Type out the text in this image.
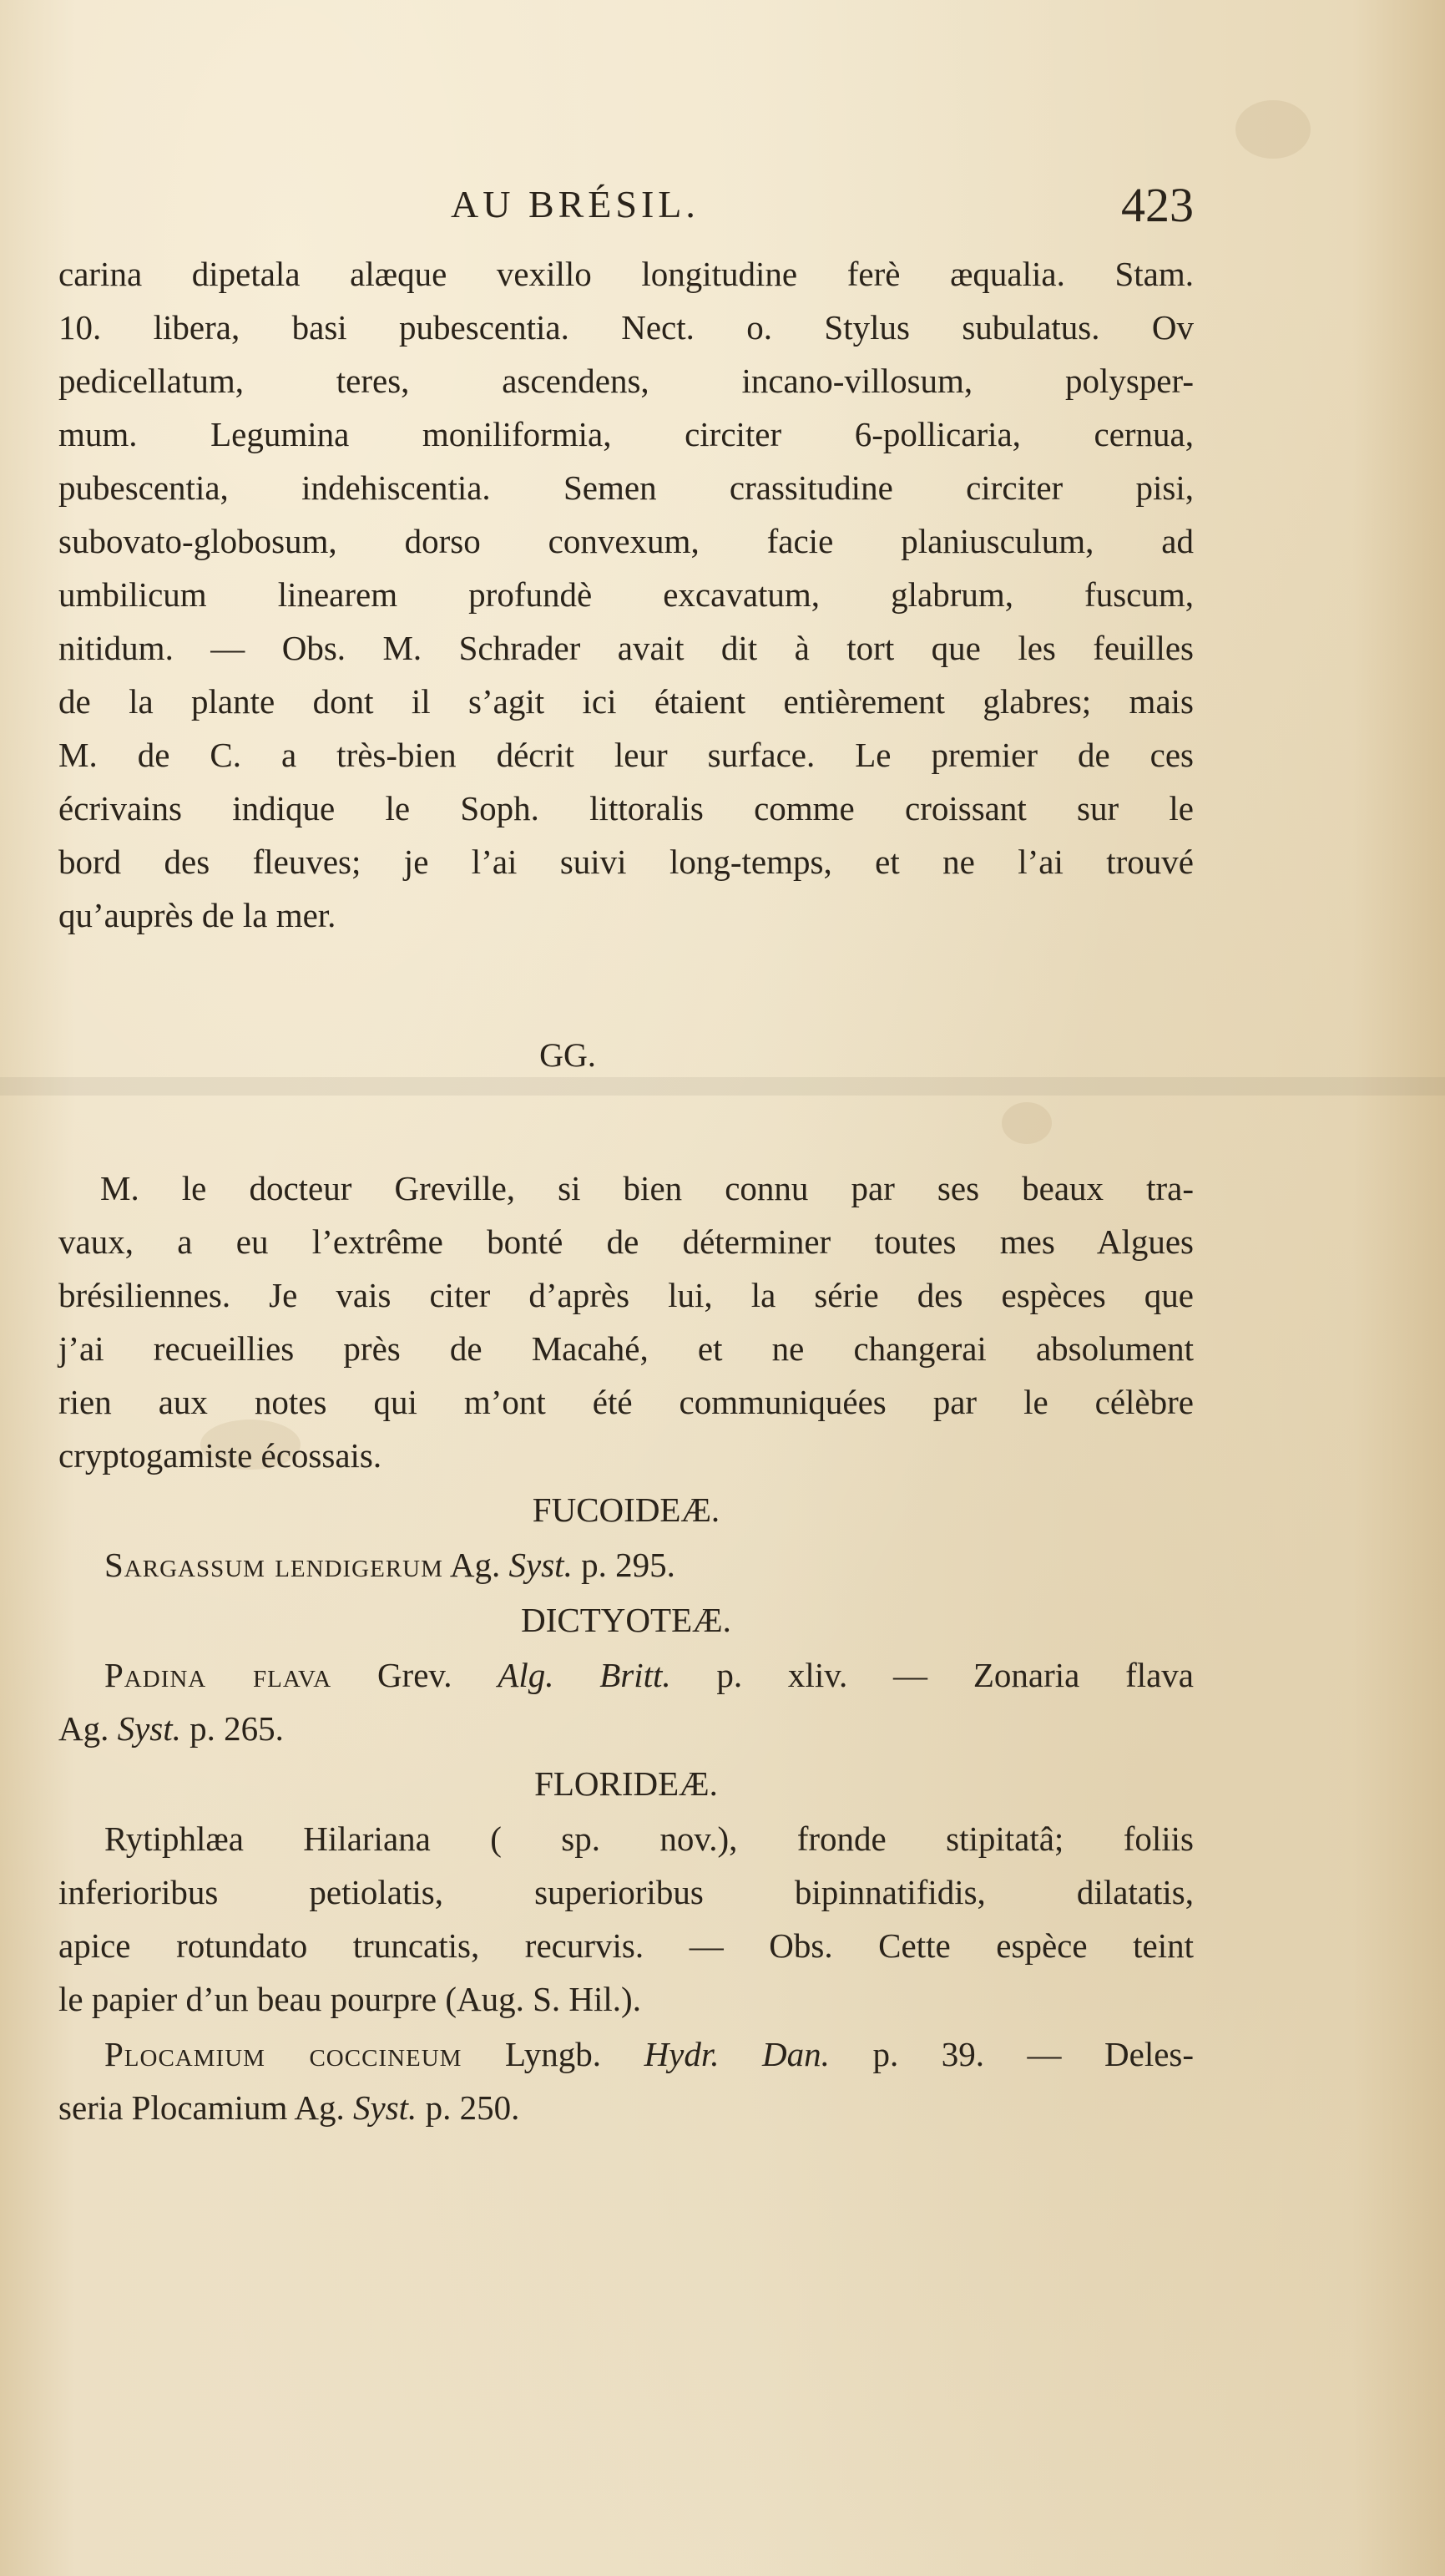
AU BRÉSIL.	423
carina dipetala alæque vexillo longitudine ferè æqualia. Stam.
10. libera, basi pubescentia. Nect. o. Stylus subulatus. Ov
pedicellatum, teres, ascendens, incano-villosum, polysper-
mum. Legumina moniliformia, circiter 6-pollicaria, cernua,
pubescentia, indehiscentia. Semen crassitudine circiter pisi,
subovato-globosum, dorso convexum, facie planiusculum, ad
umbilicum linearem profundè excavatum, glabrum, fuscum,
nitidum. — Obs. M. Schrader avait dit à tort que les feuilles
de la plante dont il s’agit ici étaient entièrement glabres; mais
M. de C. a très-bien décrit leur surface. Le premier de ces
écrivains indique le Soph. littoralis comme croissant sur le
bord des fleuves; je l’ai suivi long-temps, et ne l’ai trouvé
qu’auprès de la mer.
GG.
M. le docteur Greville, si bien connu par ses beaux tra-
vaux, a eu l’extrême bonté de déterminer toutes mes Algues
brésiliennes. Je vais citer d’après lui, la série des espèces que
j’ai recueillies près de Macahé, et ne changerai absolument
rien aux notes qui m’ont été communiquées par le célèbre
cryptogamiste écossais.
FUCOIDEÆ.
Sargassum lendigerum Ag. Syst. p. 295.
DICTYOTEÆ.
Padina flava Grev. Alg. Britt. p. xliv. — Zonaria flava
Ag. Syst. p. 265.
FLORIDEÆ.
Rytiphlæa Hilariana ( sp. nov.), fronde stipitatâ; foliis
inferioribus petiolatis, superioribus bipinnatifidis, dilatatis,
apice rotundato truncatis, recurvis. — Obs. Cette espèce teint
le papier d’un beau pourpre (Aug. S. Hil.).
Plocamium coccineum Lyngb. Hydr. Dan. p. 39. — Deles-
seria Plocamium Ag. Syst. p. 250.
